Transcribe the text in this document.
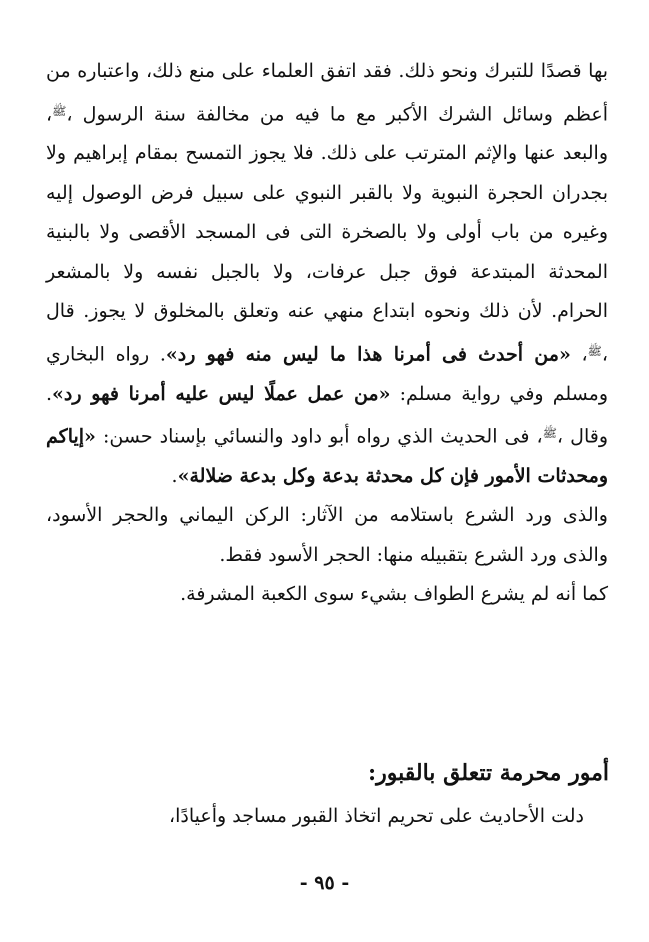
بها قصدًا للتبرك ونحو ذلك. فقد اتفق العلماء على منع ذلك، واعتباره من أعظم وسائل الشرك الأكبر مع ما فيه من مخالفة سنة الرسول ،$^ﷺ$، والبعد عنها والإثم المترتب على ذلك. فلا يجوز التمسح بمقام إبراهيم ولا بجدران الحجرة النبوية ولا بالقبر النبوي على سبيل فرض الوصول إليه وغيره من باب أولى ولا بالصخرة التى فى المسجد الأقصى ولا بالبنية المحدثة المبتدعة فوق جبل عرفات، ولا بالجبل نفسه ولا بالمشعر الحرام. لأن ذلك ونحوه ابتداع منهي عنه وتعلق بالمخلوق لا يجوز. قال ،$^ﷺ$، «من أحدث فى أمرنا هذا ما ليس منه فهو رد». رواه البخاري ومسلم وفي رواية مسلم: «من عمل عملًا ليس عليه أمرنا فهو رد». وقال ،$^ﷺ$، فى الحديث الذي رواه أبو داود والنسائي بإسناد حسن: «إياكم ومحدثات الأمور فإن كل محدثة بدعة وكل بدعة ضلالة».
والذى ورد الشرع باستلامه من الآثار: الركن اليماني والحجر الأسود، والذى ورد الشرع بتقبيله منها: الحجر الأسود فقط.
كما أنه لم يشرع الطواف بشيء سوى الكعبة المشرفة.
أمور محرمة تتعلق بالقبور:
دلت الأحاديث على تحريم اتخاذ القبور مساجد وأعيادًا،
- ٩٥ -
